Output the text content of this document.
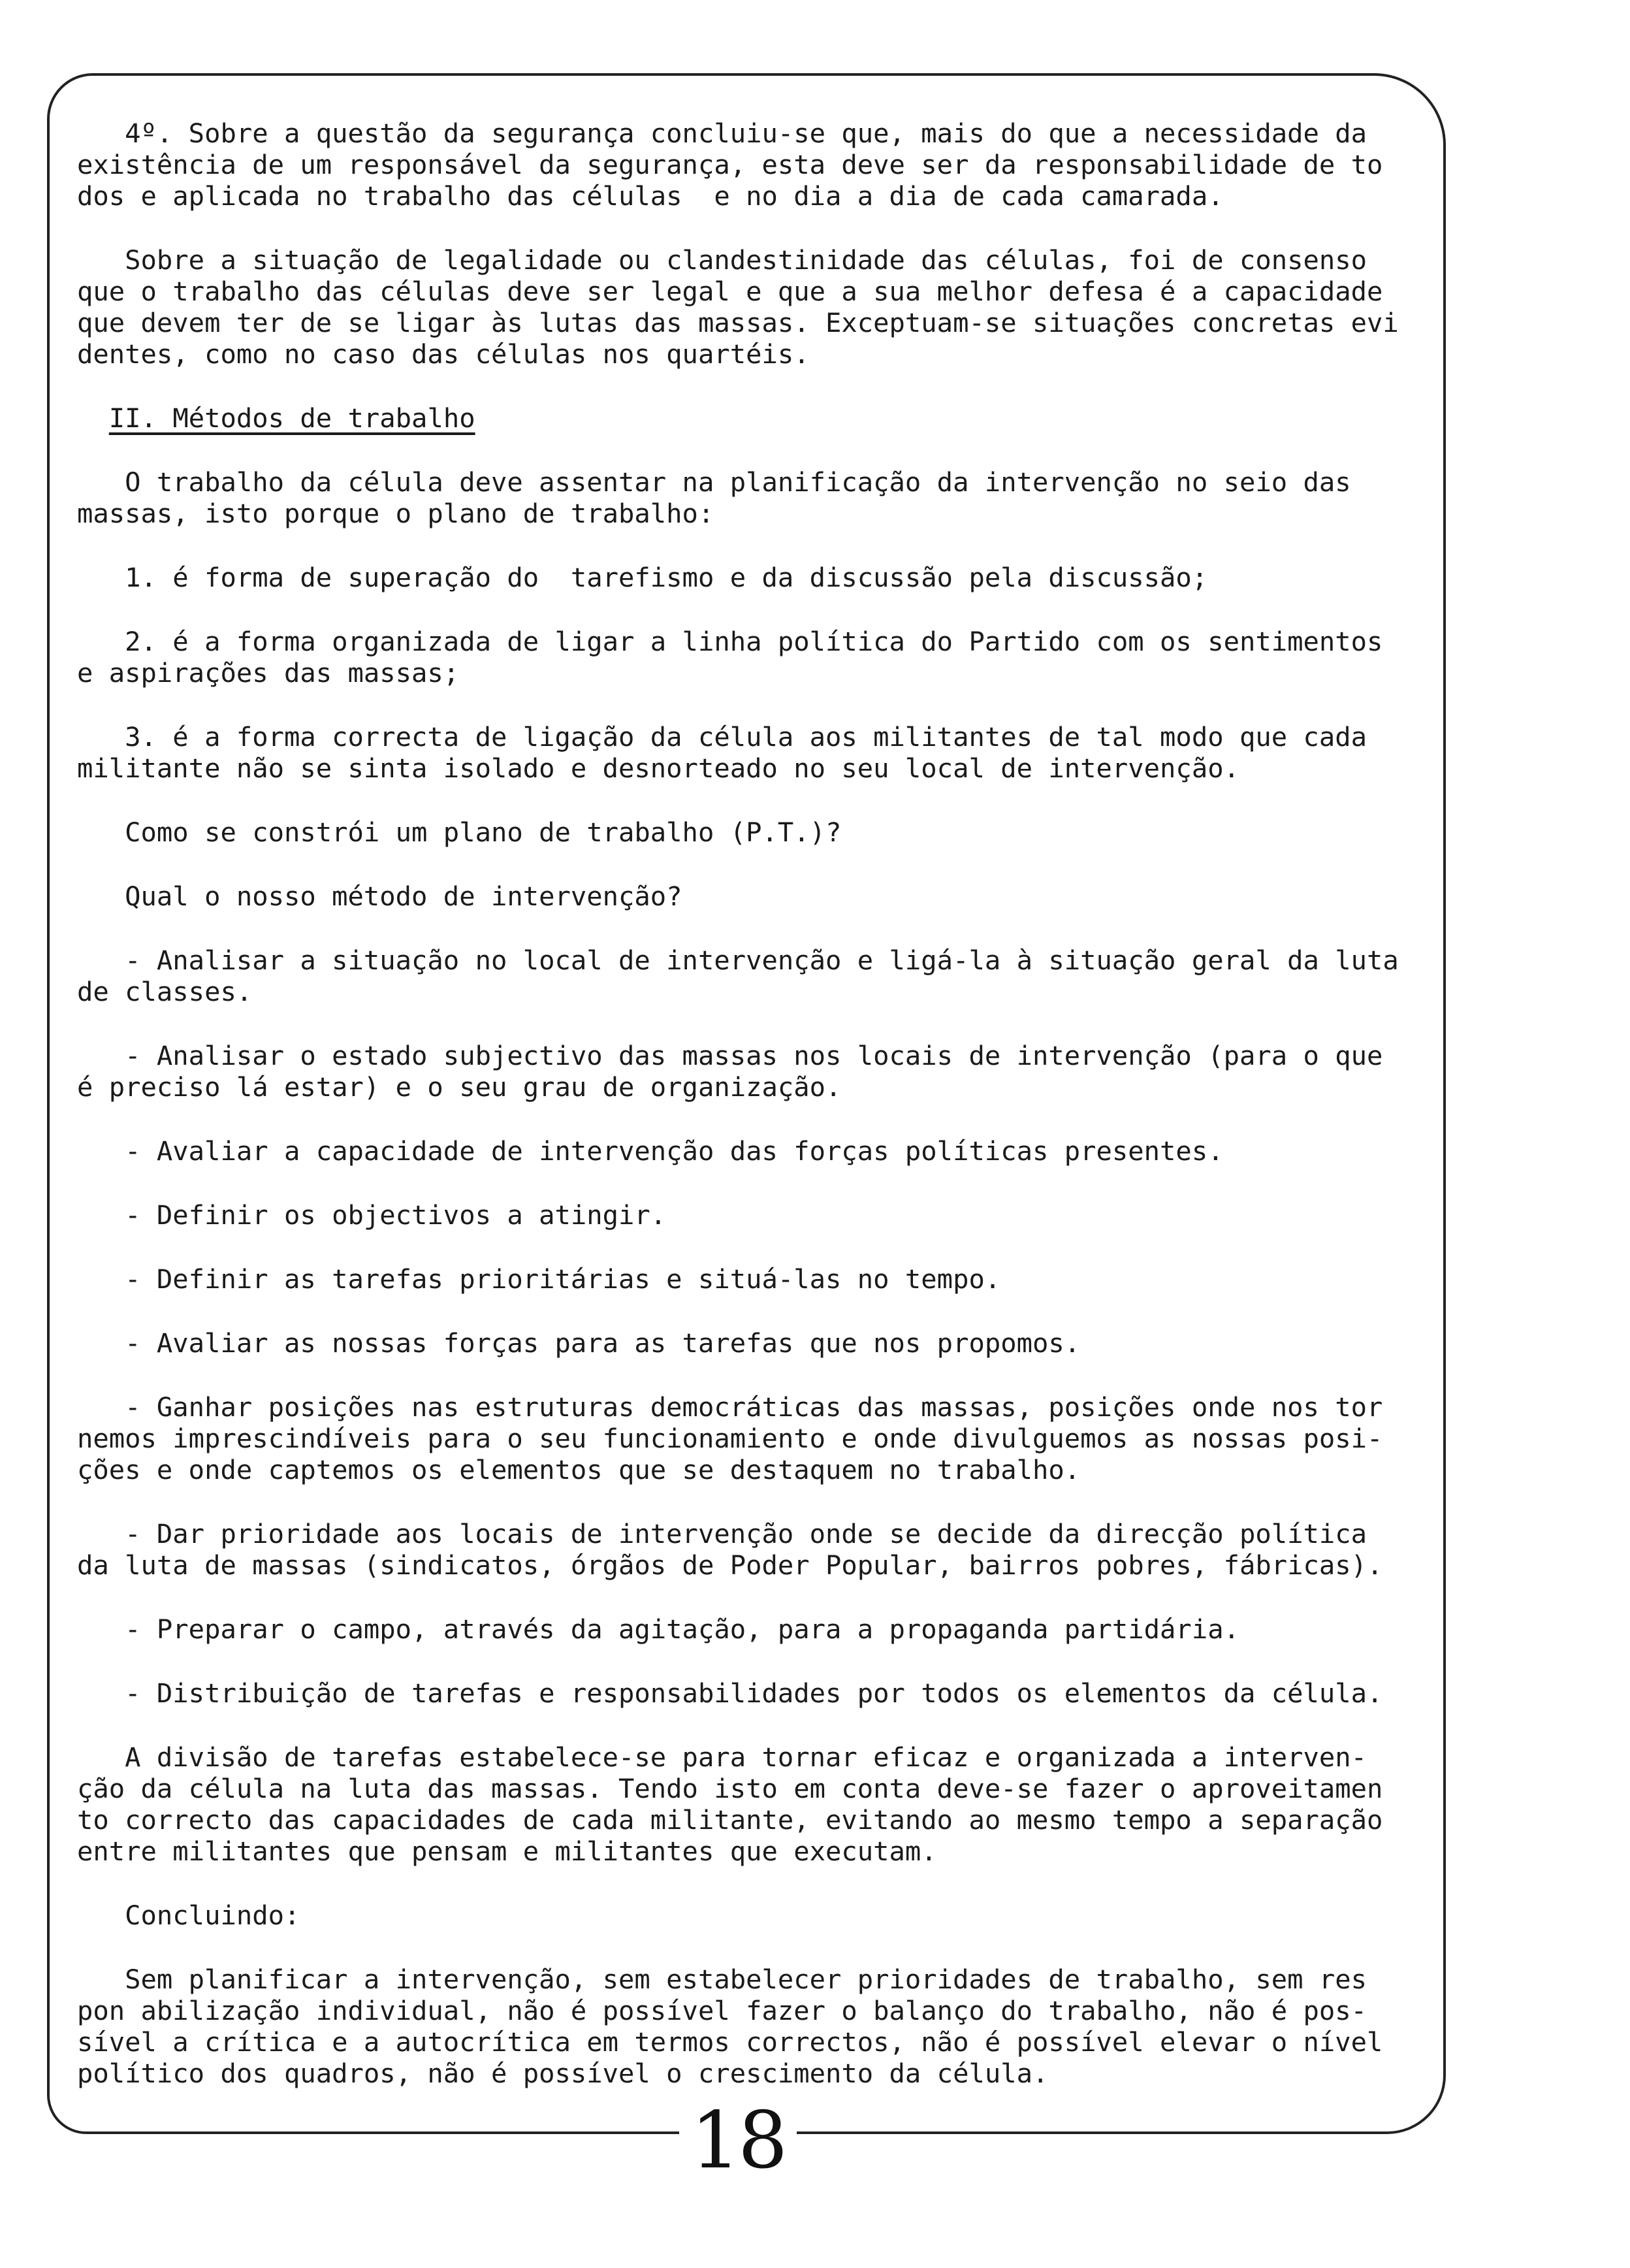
4º. Sobre a questão da segurança concluiu-se que, mais do que a necessidade da

existência de um responsável da segurança, esta deve ser da responsabilidade de to

dos e aplicada no trabalho das células  e no dia a dia de cada camarada.

Sobre a situação de legalidade ou clandestinidade das células, foi de consenso

que o trabalho das células deve ser legal e que a sua melhor defesa é a capacidade

que devem ter de se ligar às lutas das massas. Exceptuam-se situações concretas evi

dentes, como no caso das células nos quartéis.

II. Métodos de trabalho

O trabalho da célula deve assentar na planificação da intervenção no seio das

massas, isto porque o plano de trabalho:

1. é forma de superação do  tarefismo e da discussão pela discussão;

2. é a forma organizada de ligar a linha política do Partido com os sentimentos

e aspirações das massas;

3. é a forma correcta de ligação da célula aos militantes de tal modo que cada

militante não se sinta isolado e desnorteado no seu local de intervenção.

Como se constrói um plano de trabalho (P.T.)?

Qual o nosso método de intervenção?

- Analisar a situação no local de intervenção e ligá-la à situação geral da luta

de classes.

- Analisar o estado subjectivo das massas nos locais de intervenção (para o que

é preciso lá estar) e o seu grau de organização.

- Avaliar a capacidade de intervenção das forças políticas presentes.

- Definir os objectivos a atingir.

- Definir as tarefas prioritárias e situá-las no tempo.

- Avaliar as nossas forças para as tarefas que nos propomos.

- Ganhar posições nas estruturas democráticas das massas, posições onde nos tor

nemos imprescindíveis para o seu funcionamiento e onde divulguemos as nossas posi-

ções e onde captemos os elementos que se destaquem no trabalho.

- Dar prioridade aos locais de intervenção onde se decide da direcção política

da luta de massas (sindicatos, órgãos de Poder Popular, bairros pobres, fábricas).

- Preparar o campo, através da agitação, para a propaganda partidária.

- Distribuição de tarefas e responsabilidades por todos os elementos da célula.

A divisão de tarefas estabelece-se para tornar eficaz e organizada a interven-

ção da célula na luta das massas. Tendo isto em conta deve-se fazer o aproveitamen

to correcto das capacidades de cada militante, evitando ao mesmo tempo a separação

entre militantes que pensam e militantes que executam.

Concluindo:

Sem planificar a intervenção, sem estabelecer prioridades de trabalho, sem res

pon abilização individual, não é possível fazer o balanço do trabalho, não é pos-

sível a crítica e a autocrítica em termos correctos, não é possível elevar o nível

político dos quadros, não é possível o crescimento da célula.

18
